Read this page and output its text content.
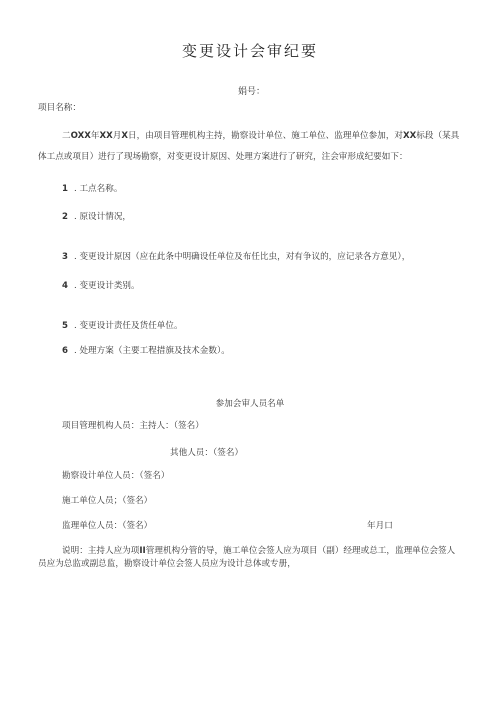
变更设计会审纪要
娟号：
项目名称：
二OXX年XX月X日，由项目管理机构主持，勘察设计单位、施工单位、监理单位参加，对XX标段（某具体工点或项目）进行了现场勘察，对变更设计原因、处理方案进行了研究，注会审形成纪要如下：
1 . 工点名称。
2 . 原设计情况，
3 . 变更设计原因（应在此条中明确设任单位及布任比虫，对有争议的，应记录各方意见），
4 . 变更设计类别。
5 . 变更设计责任及货任单位。
6 . 处理方案（主要工程措旗及技术金数）。
参加会审人员名单
项目管理机构人员：主持人：（签名）
其他人员：（签名）
勘察设计单位人员：（签名）
施工单位人员；（签名）
监理单位人员：（签名）	年月口
说明：主持人应为项II管理机构分管的导，施工单位会签人应为项目（副）经理或总工，监理单位会签人员应为总监或副总监，勘察设计单位会签人员应为设计总体或专册，
